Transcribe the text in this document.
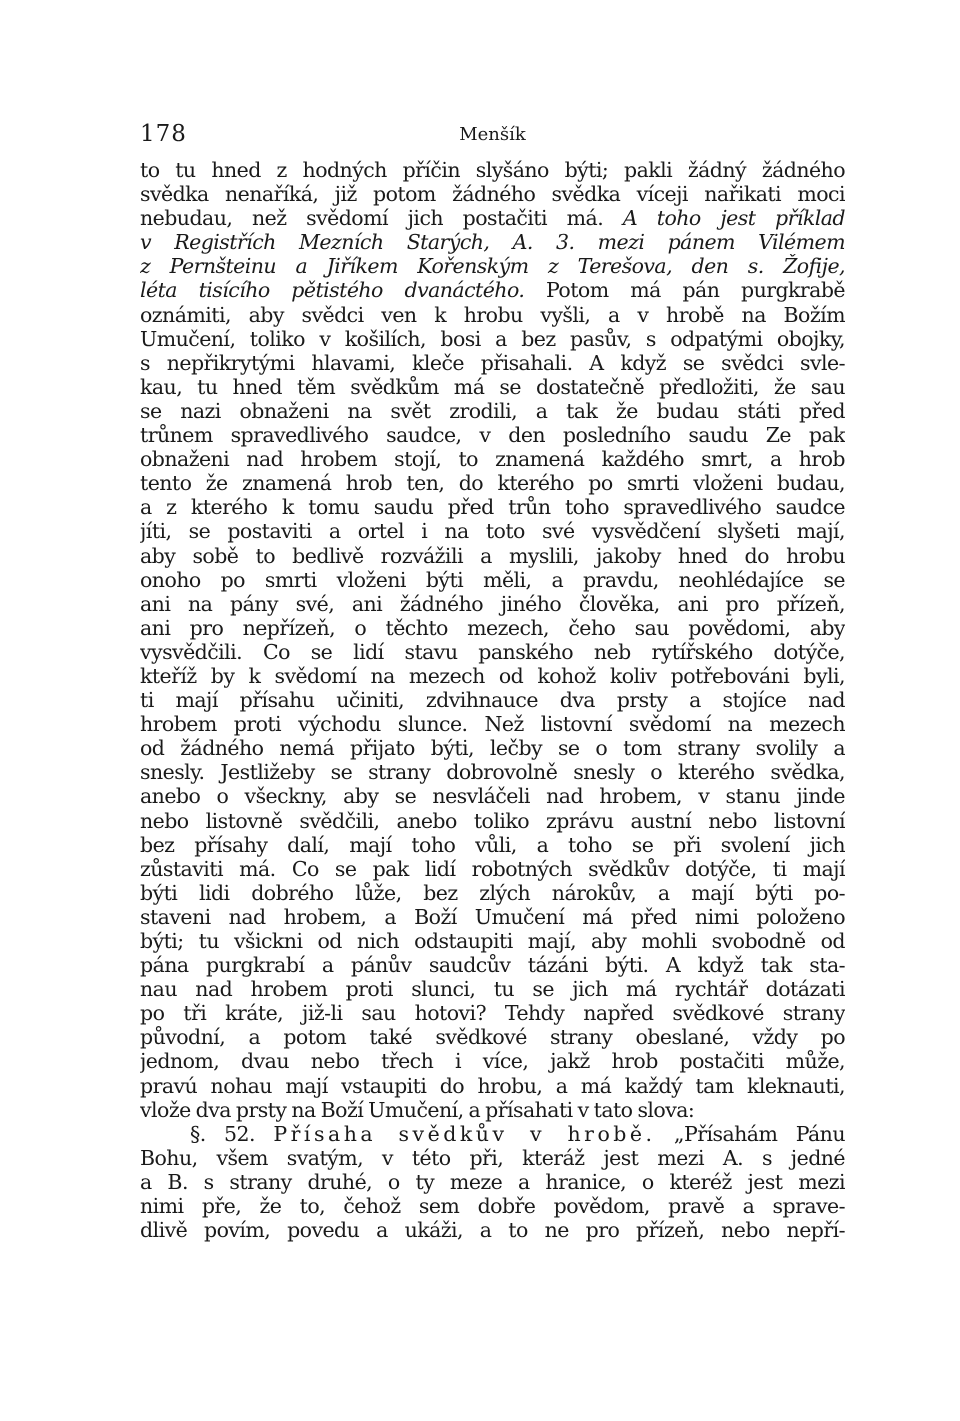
178	Menšík
to tu hned z hodných příčin slyšáno býti; pakli žádný žádného
svědka nenaříká, již potom žádného svědka víceji nařikati moci
nebudau, než svědomí jich postačiti má. A toho jest příklad
v Registřích Mezních Starých, A. 3. mezi pánem Vilémem
z Pernšteinu a Jiříkem Kořenským z Terešova, den s. Žofije,
léta tisícího pětistého dvanáctého. Potom má pán purgkrabě
oznámiti, aby svědci ven k hrobu vyšli, a v hrobě na Božím
Umučení, toliko v košilích, bosi a bez pasův, s odpatými obojky,
s nepřikrytými hlavami, kleče přisahali. A když se svědci svle-
kau, tu hned těm svědkům má se dostatečně předložiti, že sau
se nazi obnaženi na svět zrodili, a tak že budau státi před
trůnem spravedlivého saudce, v den posledního saudu Ze pak
obnaženi nad hrobem stojí, to znamená každého smrt, a hrob
tento že znamená hrob ten, do kterého po smrti vloženi budau,
a z kterého k tomu saudu před trůn toho spravedlivého saudce
jíti, se postaviti a ortel i na toto své vysvědčení slyšeti mají,
aby sobě to bedlivě rozvážili a myslili, jakoby hned do hrobu
onoho po smrti vloženi býti měli, a pravdu, neohlédajíce se
ani na pány své, ani žádného jiného člověka, ani pro přízeň,
ani pro nepřízeň, o těchto mezech, čeho sau povědomi, aby
vysvědčili. Co se lidí stavu panského neb rytířského dotýče,
kteříž by k svědomí na mezech od kohož koliv potřebováni byli,
ti mají přísahu učiniti, zdvihnauce dva prsty a stojíce nad
hrobem proti východu slunce. Než listovní svědomí na mezech
od žádného nemá přijato býti, lečby se o tom strany svolily a
snesly. Jestližeby se strany dobrovolně snesly o kterého svědka,
anebo o všeckny, aby se nesvláčeli nad hrobem, v stanu jinde
nebo listovně svědčili, anebo toliko zprávu austní nebo listovní
bez přísahy dalí, mají toho vůli, a toho se při svolení jich
zůstaviti má. Co se pak lidí robotných svědkův dotýče, ti mají
býti lidi dobrého lůže, bez zlých nárokův, a mají býti po-
staveni nad hrobem, a Boží Umučení má před nimi položeno
býti; tu všickni od nich odstaupiti mají, aby mohli svobodně od
pána purgkrabí a pánův saudcův tázáni býti. A když tak sta-
nau nad hrobem proti slunci, tu se jich má rychtář dotázati
po tři kráte, již-li sau hotovi? Tehdy napřed svědkové strany
původní, a potom také svědkové strany obeslané, vždy po
jednom, dvau nebo třech i více, jakž hrob postačiti může,
pravú nohau mají vstaupiti do hrobu, a má každý tam kleknauti,
vlože dva prsty na Boží Umučení, a přísahati v tato slova:
§. 52. Přísaha svědkův v hrobě. „Přísahám Pánu
Bohu, všem svatým, v této při, kteráž jest mezi A. s jedné
a B. s strany druhé, o ty meze a hranice, o kteréž jest mezi
nimi pře, že to, čehož sem dobře povědom, pravě a sprave-
dlivě povím, povedu a ukáži, a to ne pro přízeň, nebo nepří-
